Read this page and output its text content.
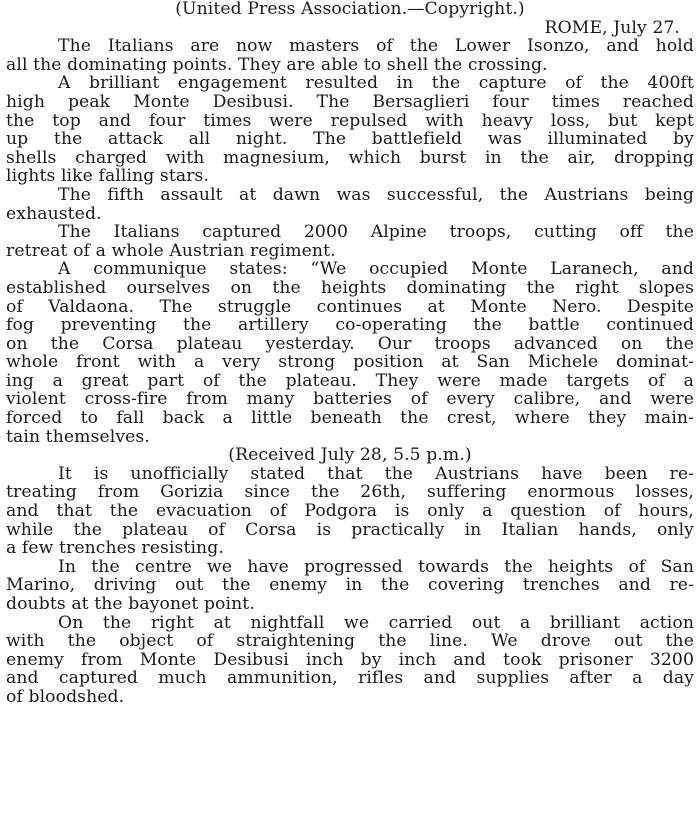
(United Press Association.—Copyright.)
ROME, July 27.
The Italians are now masters of the Lower Isonzo, and hold
all the dominating points. They are able to shell the crossing.
A brilliant engagement resulted in the capture of the 400ft
high peak Monte Desibusi. The Bersaglieri four times reached
the top and four times were repulsed with heavy loss, but kept
up the attack all night. The battlefield was illuminated by
shells charged with magnesium, which burst in the air, dropping
lights like falling stars.
The fifth assault at dawn was successful, the Austrians being
exhausted.
The Italians captured 2000 Alpine troops, cutting off the
retreat of a whole Austrian regiment.
A communique states: “We occupied Monte Laranech, and
established ourselves on the heights dominating the right slopes
of Valdaona. The struggle continues at Monte Nero. Despite
fog preventing the artillery co-operating the battle continued
on the Corsa plateau yesterday. Our troops advanced on the
whole front with a very strong position at San Michele dominat-
ing a great part of the plateau. They were made targets of a
violent cross-fire from many batteries of every calibre, and were
forced to fall back a little beneath the crest, where they main-
tain themselves.
(Received July 28, 5.5 p.m.)
It is unofficially stated that the Austrians have been re-
treating from Gorizia since the 26th, suffering enormous losses,
and that the evacuation of Podgora is only a question of hours,
while the plateau of Corsa is practically in Italian hands, only
a few trenches resisting.
In the centre we have progressed towards the heights of San
Marino, driving out the enemy in the covering trenches and re-
doubts at the bayonet point.
On the right at nightfall we carried out a brilliant action
with the object of straightening the line. We drove out the
enemy from Monte Desibusi inch by inch and took prisoner 3200
and captured much ammunition, rifles and supplies after a day
of bloodshed.
